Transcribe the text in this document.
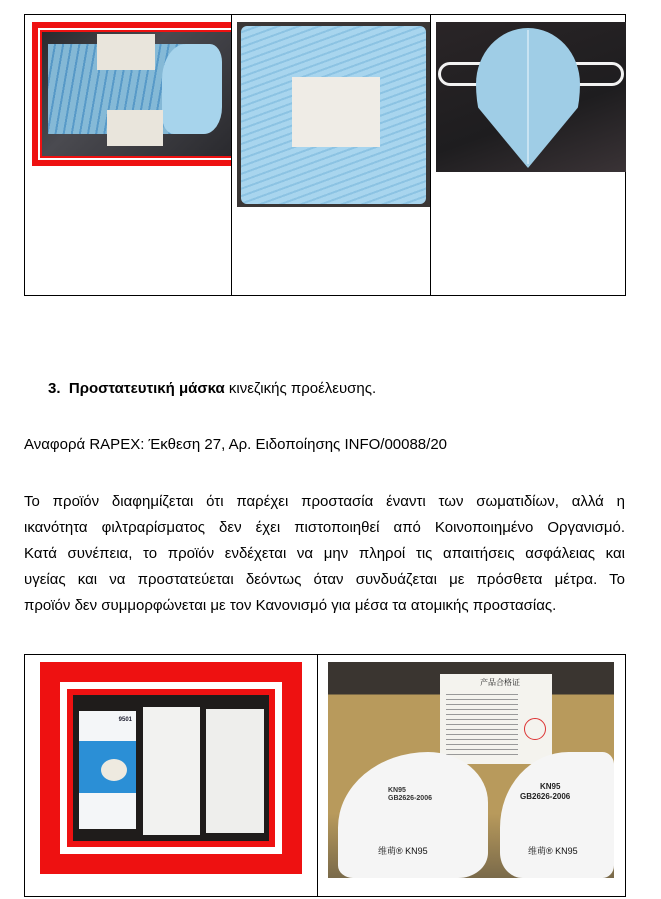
3. Προστατευτική μάσκα κινεζικής προέλευσης.
Αναφορά RAPEX: Έκθεση 27, Αρ. Ειδοποίησης INFO/00088/20
Το προϊόν διαφημίζεται ότι παρέχει προστασία έναντι των σωματιδίων, αλλά η
ικανότητα φιλτραρίσματος δεν έχει πιστοποιηθεί από Κοινοποιημένο Οργανισμό.
Κατά συνέπεια, το προϊόν ενδέχεται να μην πληροί τις απαιτήσεις ασφάλειας και
υγείας και να προστατεύεται δεόντως όταν συνδυάζεται με πρόσθετα μέτρα. Το
προϊόν δεν συμμορφώνεται με τον Κανονισμό για μέσα τα ατομικής προστασίας.
9501
产品合格证
KN95
GB2626-2006
维萌® KN95
KN95
GB2626-2006
维萌® KN95
